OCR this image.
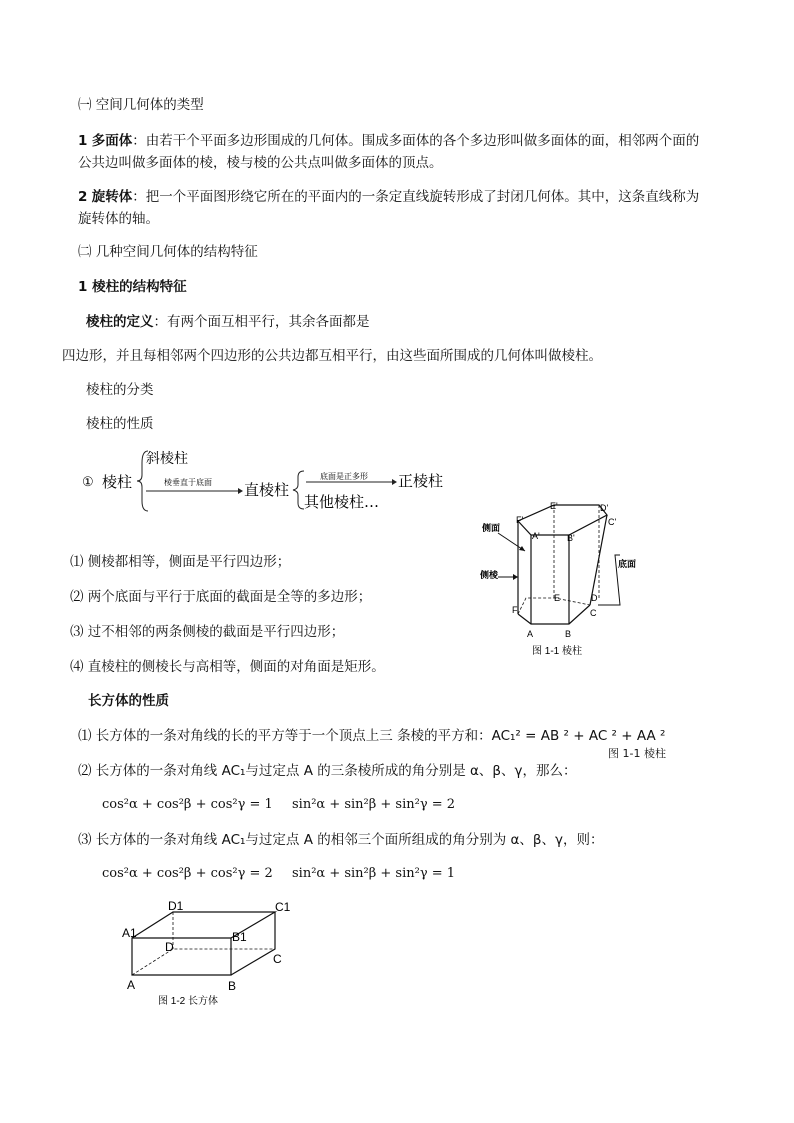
㈠ 空间几何体的类型
1 多面体：由若干个平面多边形围成的几何体。围成多面体的各个多边形叫做多面体的面，相邻两个面的
公共边叫做多面体的棱，棱与棱的公共点叫做多面体的顶点。
2 旋转体：把一个平面图形绕它所在的平面内的一条定直线旋转形成了封闭几何体。其中，这条直线称为
旋转体的轴。
㈡ 几种空间几何体的结构特征
1 棱柱的结构特征
棱柱的定义：有两个面互相平行，其余各面都是
四边形，并且每相邻两个四边形的公共边都互相平行，由这些面所围成的几何体叫做棱柱。
棱柱的分类
棱柱的性质
① 棱柱
斜棱柱
棱垂直于底面 直棱柱
底面是正多形 正棱柱
其他棱柱…
⑴ 侧棱都相等，侧面是平行四边形；
⑵ 两个底面与平行于底面的截面是全等的多边形；
⑶ 过不相邻的两条侧棱的截面是平行四边形；
⑷ 直棱柱的侧棱长与高相等，侧面的对角面是矩形。
侧面
侧棱
底面
A	B
C
D
E
F
A'	B'
C'
D'
E'
F'
图 1-1 棱柱
长方体的性质
⑴ 长方体的一条对角线的长的平方等于一个顶点上三 条棱的平方和：AC₁² = AB ² + AC ² + AA ²
图 1-1 棱柱
⑵ 长方体的一条对角线 AC₁与过定点 A 的三条棱所成的角分别是 α、β、γ，那么：
cos²α + cos²β + cos²γ = 1 sin²α + sin²β + sin²γ = 2
⑶ 长方体的一条对角线 AC₁与过定点 A 的相邻三个面所组成的角分别为 α、β、γ，则：
cos²α + cos²β + cos²γ = 2 sin²α + sin²β + sin²γ = 1
A	B
C
D
A1	B1
C1
D1
图 1-2 长方体
